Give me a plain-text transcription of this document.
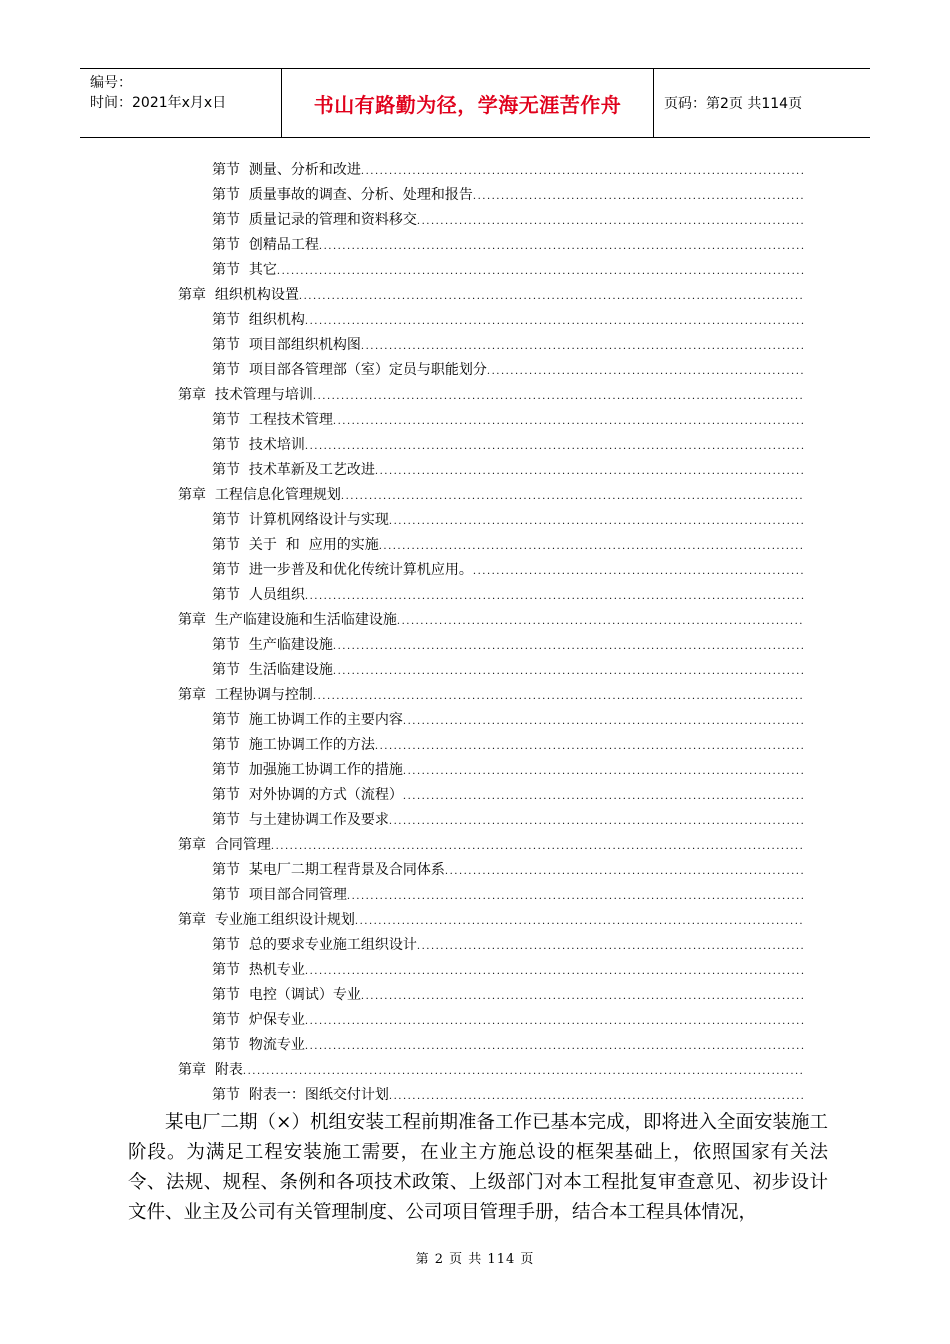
编号：
时间：2021年x月x日	书山有路勤为径，学海无涯苦作舟	页码：第2页 共114页
第节 测量、分析和改进
.....
第节 质量事故的调查、分析、处理和报告
.....
第节 质量记录的管理和资料移交
.....
第节 创精品工程
.....
第节 其它
.....
第章 组织机构设置
.....
第节 组织机构
.....
第节 项目部组织机构图
.....
第节 项目部各管理部（室）定员与职能划分
.....
第章 技术管理与培训
.....
第节 工程技术管理
.....
第节 技术培训
.....
第节 技术革新及工艺改进
.....
第章 工程信息化管理规划
.....
第节 计算机网络设计与实现
.....
第节 关于  和  应用的实施
.....
第节 进一步普及和优化传统计算机应用。
.....
第节 人员组织
.....
第章 生产临建设施和生活临建设施
.....
第节 生产临建设施
.....
第节 生活临建设施
.....
第章 工程协调与控制
.....
第节 施工协调工作的主要内容
.....
第节 施工协调工作的方法
.....
第节 加强施工协调工作的措施
.....
第节 对外协调的方式（流程）
.....
第节 与土建协调工作及要求
.....
第章 合同管理
.....
第节 某电厂二期工程背景及合同体系
.....
第节 项目部合同管理
.....
第章 专业施工组织设计规划
.....
第节 总的要求专业施工组织设计
.....
第节 热机专业
.....
第节 电控（调试）专业
.....
第节 炉保专业
.....
第节 物流专业
.....
第章 附表
.....
第节 附表一：图纸交付计划
.....

某电厂二期（×）机组安装工程前期准备工作已基本完成，即将进入全面安装施工阶段。为满足工程安装施工需要，在业主方施总设的框架基础上，依照国家有关法令、法规、规程、条例和各项技术政策、上级部门对本工程批复审查意见、初步设计文件、业主及公司有关管理制度、公司项目管理手册，结合本工程具体情况，

第 2 页 共 114 页
